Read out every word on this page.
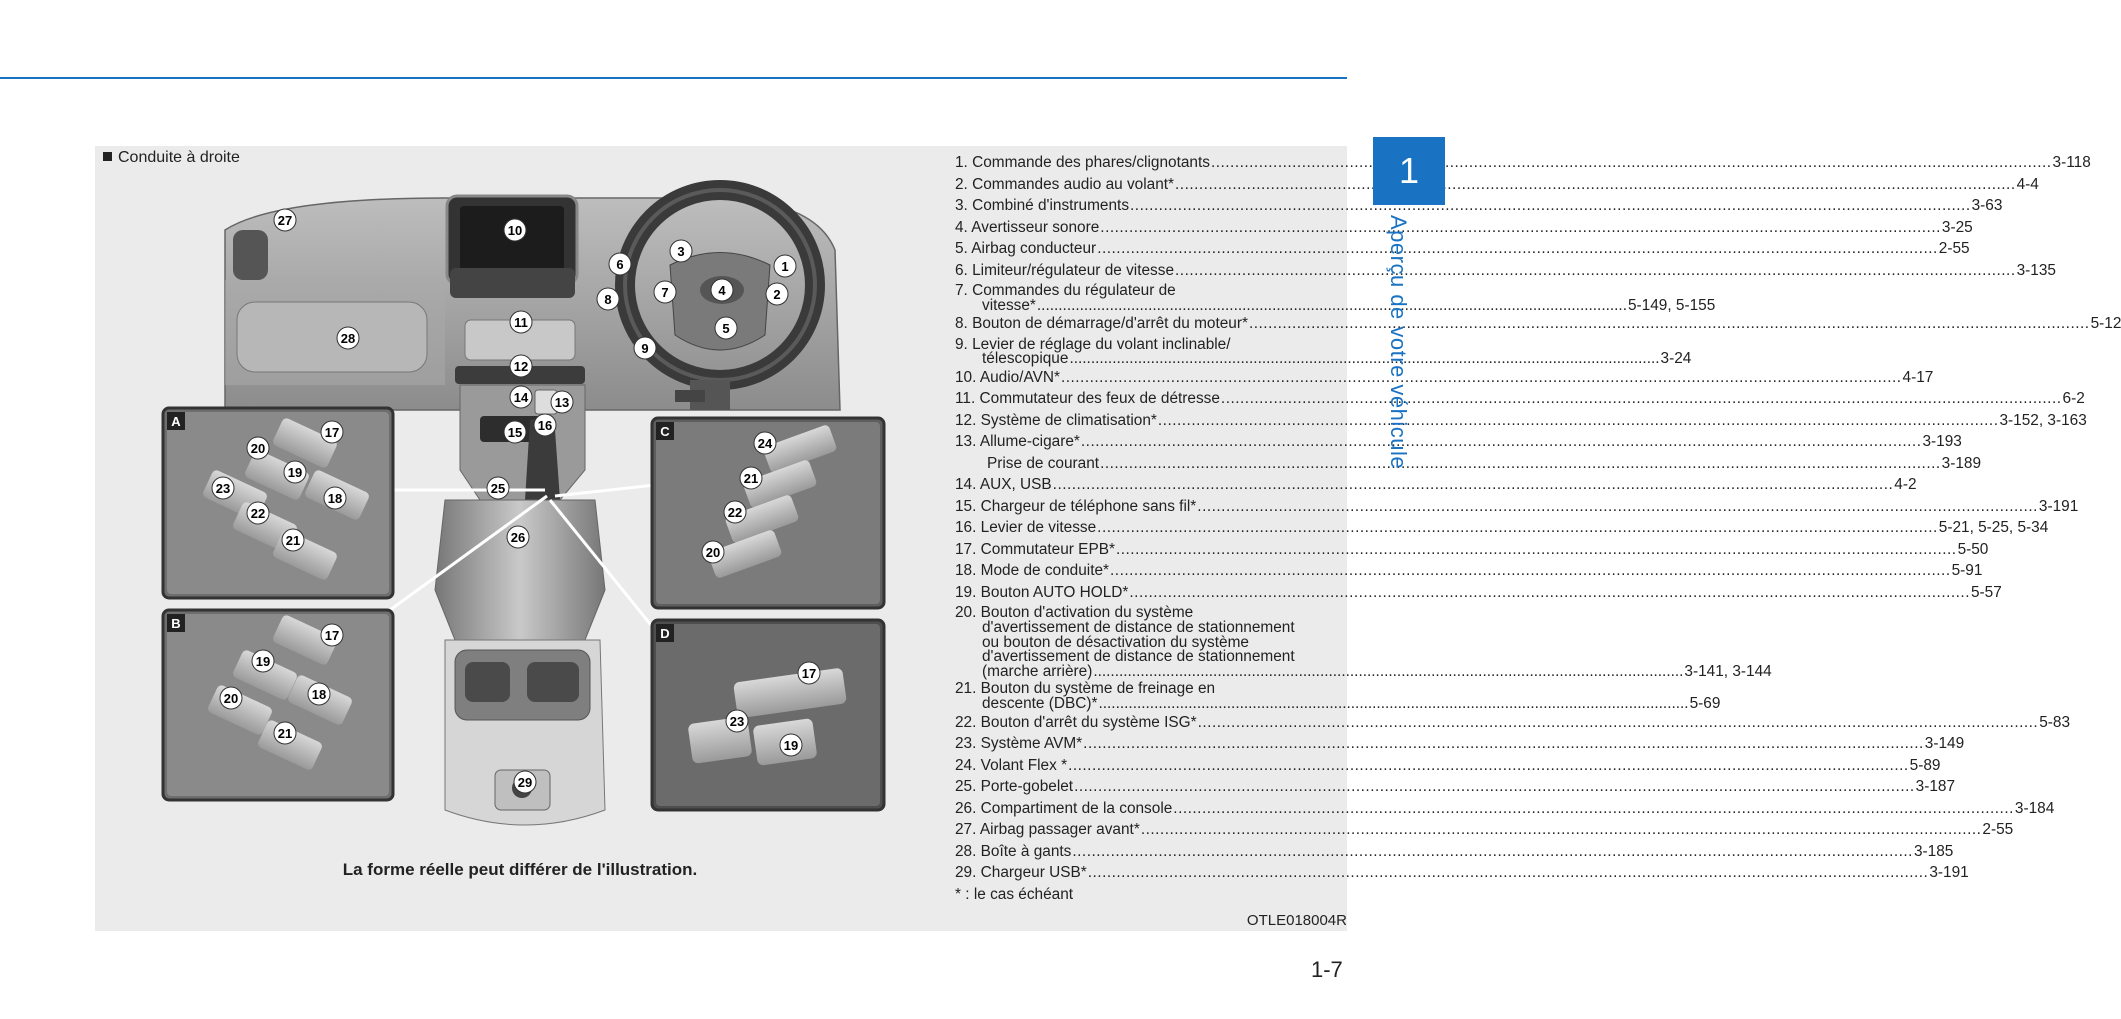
Conduite à droite
A
B
C
D
1
2
3
4
5
6
7
8
9
10
11
12
13
14
15 16
25
26
27
28
29
17
18
19
20
21
22
23
17
18
19
20
21
20
21
22
24
17
19
23
La forme réelle peut différer de l'illustration.
1. Commande des phares/clignotants .....	3-118
2. Commandes audio au volant* .....	4-4
3. Combiné d'instruments .....	3-63
4. Avertisseur sonore .....	3-25
5. Airbag conducteur .....	2-55
6. Limiteur/régulateur de vitesse .....	3-135
7. Commandes du régulateur de
vitesse* .......................................................................................................................................... 5-149, 5-155
8. Bouton de démarrage/d'arrêt du moteur* .....	5-12
9. Levier de réglage du volant inclinable/
télescopique .......................................................................................................................................... 3-24
10. Audio/AVN* .....	4-17
11. Commutateur des feux de détresse .....	6-2
12. Système de climatisation* .....	3-152, 3-163
13. Allume-cigare* .....	3-193
Prise de courant .....	3-189
14. AUX, USB .....	4-2
15. Chargeur de téléphone sans fil* .....	3-191
16. Levier de vitesse .....	5-21, 5-25, 5-34
17. Commutateur EPB* .....	5-50
18. Mode de conduite* .....	5-91
19. Bouton AUTO HOLD* .....	5-57
20. Bouton d'activation du système
d'avertissement de distance de stationnement
ou bouton de désactivation du système
d'avertissement de distance de stationnement
(marche arrière) .......................................................................................................................................... 3-141, 3-144
21. Bouton du système de freinage en
descente (DBC)* .......................................................................................................................................... 5-69
22. Bouton d'arrêt du système ISG* .....	5-83
23. Système AVM* .....	3-149
24. Volant Flex * .....	5-89
25. Porte-gobelet .....	3-187
26. Compartiment de la console .....	3-184
27. Airbag passager avant* .....	2-55
28. Boîte à gants .....	3-185
29. Chargeur USB* .....	3-191
* : le cas échéant
OTLE018004R
1
Aperçu de votre véhicule
1-7
